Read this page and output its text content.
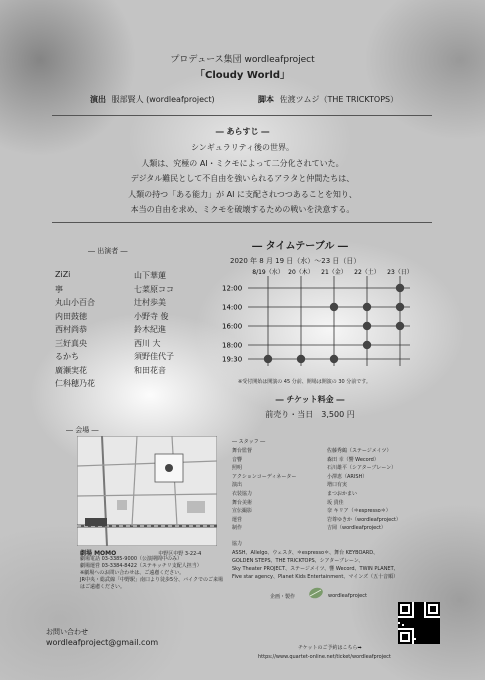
プロデュース集団 wordleafproject
「Cloudy World」
演出 服部賢人 (wordleafproject)	脚本 佐渡ツムジ（THE TRICKTOPS）
― あらすじ ―
シンギュラリティ後の世界。
人類は、究極の AI・ミクモによって二分化されていた。
デジタル難民として不自由を強いられるアラタと仲間たちは、
人類の持つ「ある能力」が AI に支配されつつあることを知り、
本当の自由を求め、ミクモを破壊するための戦いを決意する。
― 出演者 ―
ZiZi
寧
丸山小百合
内田鼓徳
西村尚恭
三好真央
るかち
廣瀬実花
仁科穂乃花
山下華蓮
七菜原ココ
辻村歩美
小野寺 俊
鈴木紀進
西川 大
須野佳代子
和田花音
― タイムテーブル ―
2020 年 8 月 19 日（水）～23 日（日）
8/19（水） 20（木） 21（金） 22（土） 23（日）
12:00
14:00
16:00
18:00
19:30
※受付開始は開演の 45 分前、開場は開演の 30 分前です。
― チケット料金 ―
前売り・当日　3,500 円
― 会場 ―
劇場 MOMO	中野区中野 3-22-4
劇場電話 03-3385-9000（公演期間中のみ）
劇場運営 03-3384-8422（ステキッチリ支配人担当）
※劇場へのお問い合わせは、ご遠慮ください。
JR中央・総武線「中野駅」南口より徒歩5分、バイクでのご来場はご遠慮ください。
― スタッフ ―
舞台監督	佐藤秀鶴（ステージメイツ）
音響	森田 幸（響 Wecord）
照明	石川雄平（シアターブレーン）
アクションコーディネーター	小澤恵（ARISH）
演出	増口有実
衣装協力	まつおかまい
舞台美術	坂 貴佳
宣伝撮影	奈 キリア（＊espresso＊）
運営	岩尊ゆきか（wordleafproject）
制作	吉岡（wordleafproject）
協力
ASSH、Allelgo、ウェスタ、＊espresso＊、舞台 KEYBOARD、
GOLDEN STEPS、THE TRICKTOPS、シアターブレーン、
Sky Theater PROJECT、ステージメイツ、響 Wecord、TWIN PLANET、
Five star agency、Planet Kids Entertainment、マインズ（五十音順）
企画・製作	wordleafproject
お問い合わせ
wordleafproject@gmail.com
チケットのご予約はこちら➡
https://www.quartet-online.net/ticket/wordleafproject
